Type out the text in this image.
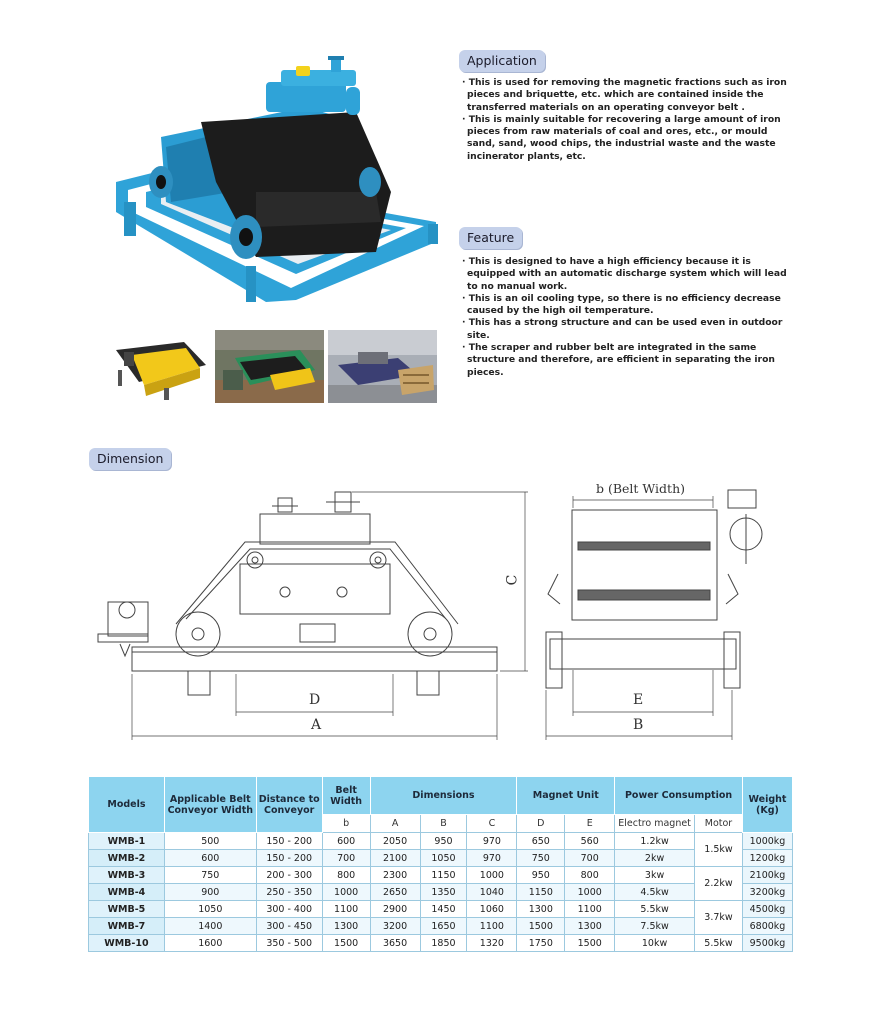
Application
· This is used for removing the magnetic fractions such as iron pieces and briquette, etc. which are contained inside the transferred materials on an operating conveyor belt .
· This is mainly suitable for recovering a large amount of iron pieces from raw materials of coal and ores, etc., or mould sand, sand, wood chips, the industrial waste and the waste incinerator plants, etc.
Feature
· This is designed to have a high efficiency because it is equipped with an automatic discharge system which will lead to no manual work.
· This is an oil cooling type, so there is no efficiency decrease caused by the high oil temperature.
· This has a strong structure and can be used even in outdoor site.
· The scraper and rubber belt are integrated in the same structure and therefore, are efficient in separating the iron pieces.
Dimension
C
D
A
E
B
b (Belt Width)
Models	Applicable Belt Conveyor Width	Distance to Conveyor	Belt Width	Dimensions			Magnet Unit		Power Consumption		Weight (Kg)
			b	A	B	C	D	E	Electro magnet	Motor	
WMB-1	500	150 - 200	600	2050	950	970	650	560	1.2kw	1.5kw	1000kg
WMB-2	600	150 - 200	700	2100	1050	970	750	700	2kw		1200kg
WMB-3	750	200 - 300	800	2300	1150	1000	950	800	3kw	2.2kw	2100kg
WMB-4	900	250 - 350	1000	2650	1350	1040	1150	1000	4.5kw		3200kg
WMB-5	1050	300 - 400	1100	2900	1450	1060	1300	1100	5.5kw	3.7kw	4500kg
WMB-7	1400	300 - 450	1300	3200	1650	1100	1500	1300	7.5kw		6800kg
WMB-10	1600	350 - 500	1500	3650	1850	1320	1750	1500	10kw	5.5kw	9500kg
